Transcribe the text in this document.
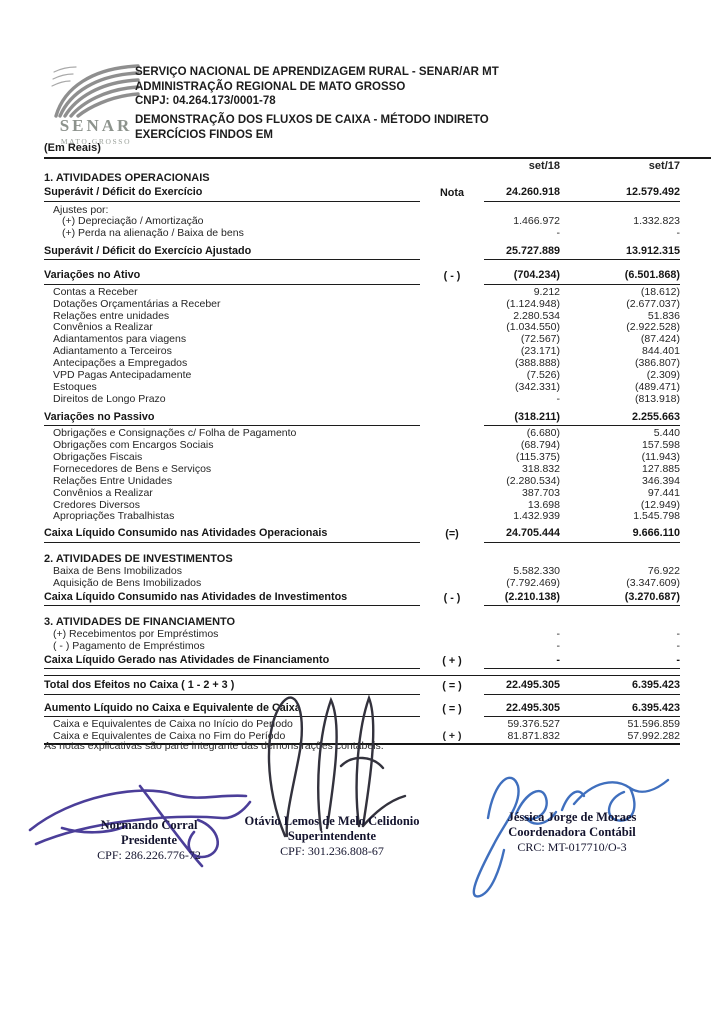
SENAR
MATO GROSSO
SERVIÇO NACIONAL DE APRENDIZAGEM RURAL - SENAR/AR MT
ADMINISTRAÇÃO REGIONAL DE MATO GROSSO
CNPJ: 04.264.173/0001-78
DEMONSTRAÇÃO DOS FLUXOS DE CAIXA - MÉTODO INDIRETO
EXERCÍCIOS FINDOS EM
(Em Reais)
set/18	set/17
1. ATIVIDADES OPERACIONAIS
Superávit / Déficit do Exercício	Nota	24.260.918	12.579.492
Ajustes por:
(+) Depreciação / Amortização	1.466.972	1.332.823
(+) Perda na alienação / Baixa de bens	-	-
Superávit / Déficit do Exercício Ajustado	25.727.889	13.912.315
Variações no Ativo	( - )	(704.234)	(6.501.868)
Contas a Receber	9.212	(18.612)
Dotações Orçamentárias a Receber	(1.124.948)	(2.677.037)
Relações entre unidades	2.280.534	51.836
Convênios a Realizar	(1.034.550)	(2.922.528)
Adiantamentos para viagens	(72.567)	(87.424)
Adiantamento a Terceiros	(23.171)	844.401
Antecipações a Empregados	(388.888)	(386.807)
VPD Pagas Antecipadamente	(7.526)	(2.309)
Estoques	(342.331)	(489.471)
Direitos de Longo Prazo	-	(813.918)
Variações no Passivo	(318.211)	2.255.663
Obrigações e Consignações c/ Folha de Pagamento	(6.680)	5.440
Obrigações com Encargos Sociais	(68.794)	157.598
Obrigações Fiscais	(115.375)	(11.943)
Fornecedores de Bens e Serviços	318.832	127.885
Relações Entre Unidades	(2.280.534)	346.394
Convênios a Realizar	387.703	97.441
Credores Diversos	13.698	(12.949)
Apropriações Trabalhistas	1.432.939	1.545.798
Caixa Líquido Consumido nas Atividades Operacionais	(=)	24.705.444	9.666.110
2. ATIVIDADES DE INVESTIMENTOS
Baixa de Bens Imobilizados	5.582.330	76.922
Aquisição de Bens Imobilizados	(7.792.469)	(3.347.609)
Caixa Líquido Consumido nas Atividades de Investimentos	( - )	(2.210.138)	(3.270.687)
3. ATIVIDADES DE FINANCIAMENTO
(+) Recebimentos por Empréstimos	-	-
( - ) Pagamento de Empréstimos	-	-
Caixa Líquido Gerado nas Atividades de Financiamento	( + )	-	-
Total dos Efeitos no Caixa ( 1 - 2 + 3 )	( = )	22.495.305	6.395.423
Aumento Líquido no Caixa e Equivalente de Caixa	( = )	22.495.305	6.395.423
Caixa e Equivalentes de Caixa no Início do Período	59.376.527	51.596.859
Caixa e Equivalentes de Caixa no Fim do Período	( + )	81.871.832	57.992.282
As notas explicativas são parte integrante das demonstrações contábeis.
Normando Corral
Presidente
CPF: 286.226.776-72
Otávio Lemos de Melo Celidonio
Superintendente
CPF: 301.236.808-67
Jéssica Jorge de Moraes
Coordenadora Contábil
CRC: MT-017710/O-3
